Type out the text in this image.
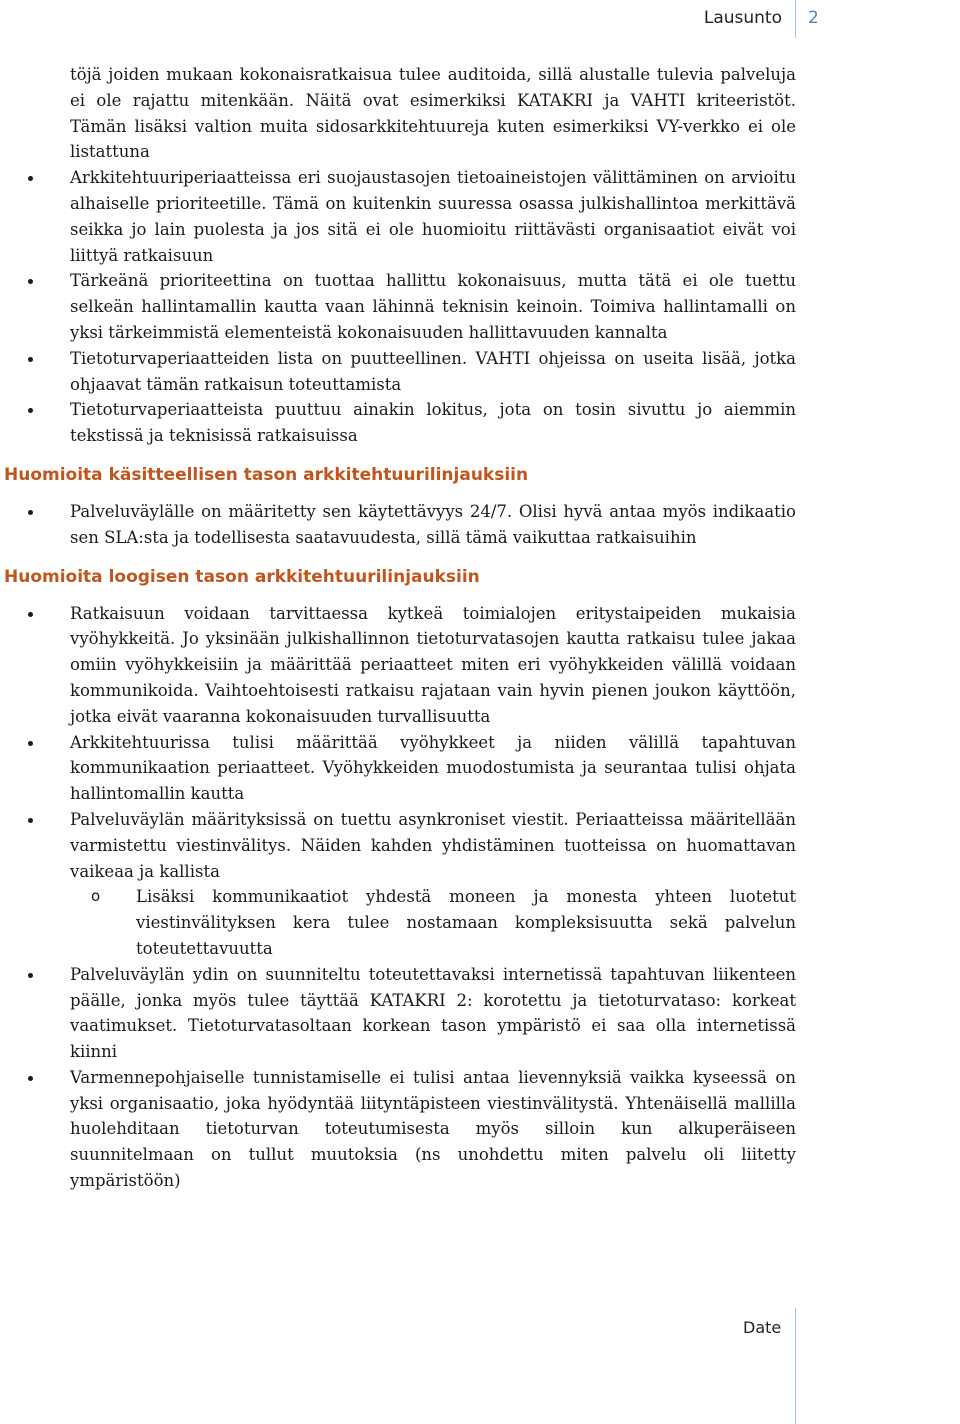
Lausunto 2

töjä joiden mukaan kokonaisratkaisua tulee auditoida, sillä alustalle tulevia palveluja ei ole rajattu mitenkään. Näitä ovat esimerkiksi KATAKRI ja VAHTI kriteeristöt. Tämän lisäksi valtion muita sidosarkkitehtuureja kuten esimerkiksi VY-verkko ei ole listattuna

Arkkitehtuuriperiaatteissa eri suojaustasojen tietoaineistojen välittäminen on arvioitu alhaiselle prioriteetille. Tämä on kuitenkin suuressa osassa julkishallintoa merkittävä seikka jo lain puolesta ja jos sitä ei ole huomioitu riittävästi organisaatiot eivät voi liittyä ratkaisuun
Tärkeänä prioriteettina on tuottaa hallittu kokonaisuus, mutta tätä ei ole tuettu selkeän hallintamallin kautta vaan lähinnä teknisin keinoin. Toimiva hallintamalli on yksi tärkeimmistä elementeistä kokonaisuuden hallittavuuden kannalta
Tietoturvaperiaatteiden lista on puutteellinen. VAHTI ohjeissa on useita lisää, jotka ohjaavat tämän ratkaisun toteuttamista
Tietoturvaperiaatteista puuttuu ainakin lokitus, jota on tosin sivuttu jo aiemmin tekstissä ja teknisissä ratkaisuissa
Huomioita käsitteellisen tason arkkitehtuurilinjauksiin
Palveluväylälle on määritetty sen käytettävyys 24/7. Olisi hyvä antaa myös indikaatio sen SLA:sta ja todellisesta saatavuudesta, sillä tämä vaikuttaa ratkaisuihin
Huomioita loogisen tason arkkitehtuurilinjauksiin
Ratkaisuun voidaan tarvittaessa kytkeä toimialojen eritystaipeiden mukaisia vyöhykkeitä. Jo yksinään julkishallinnon tietoturvatasojen kautta ratkaisu tulee jakaa omiin vyöhykkeisiin ja määrittää periaatteet miten eri vyöhykkeiden välillä voidaan kommunikoida. Vaihtoehtoisesti ratkaisu rajataan vain hyvin pienen joukon käyttöön, jotka eivät vaaranna kokonaisuuden turvallisuutta
Arkkitehtuurissa tulisi määrittää vyöhykkeet ja niiden välillä tapahtuvan kommunikaation periaatteet. Vyöhykkeiden muodostumista ja seurantaa tulisi ohjata hallintomallin kautta
Palveluväylän määrityksissä on tuettu asynkroniset viestit. Periaatteissa määritellään varmistettu viestinvälitys. Näiden kahden yhdistäminen tuotteissa on huomattavan vaikeaa ja kallista
o Lisäksi kommunikaatiot yhdestä moneen ja monesta yhteen luotetut viestinvälityksen kera tulee nostamaan kompleksisuutta sekä palvelun toteutettavuutta
Palveluväylän ydin on suunniteltu toteutettavaksi internetissä tapahtuvan liikenteen päälle, jonka myös tulee täyttää KATAKRI 2: korotettu ja tietoturvataso: korkeat vaatimukset. Tietoturvatasoltaan korkean tason ympäristö ei saa olla internetissä kiinni
Varmennepohjaiselle tunnistamiselle ei tulisi antaa lievennyksiä vaikka kyseessä on yksi organisaatio, joka hyödyntää liityntäpisteen viestinvälitystä. Yhtenäisellä mallilla huolehditaan tietoturvan toteutumisesta myös silloin kun alkuperäiseen suunnitelmaan on tullut muutoksia (ns unohdettu miten palvelu oli liitetty ympäristöön)
Date
